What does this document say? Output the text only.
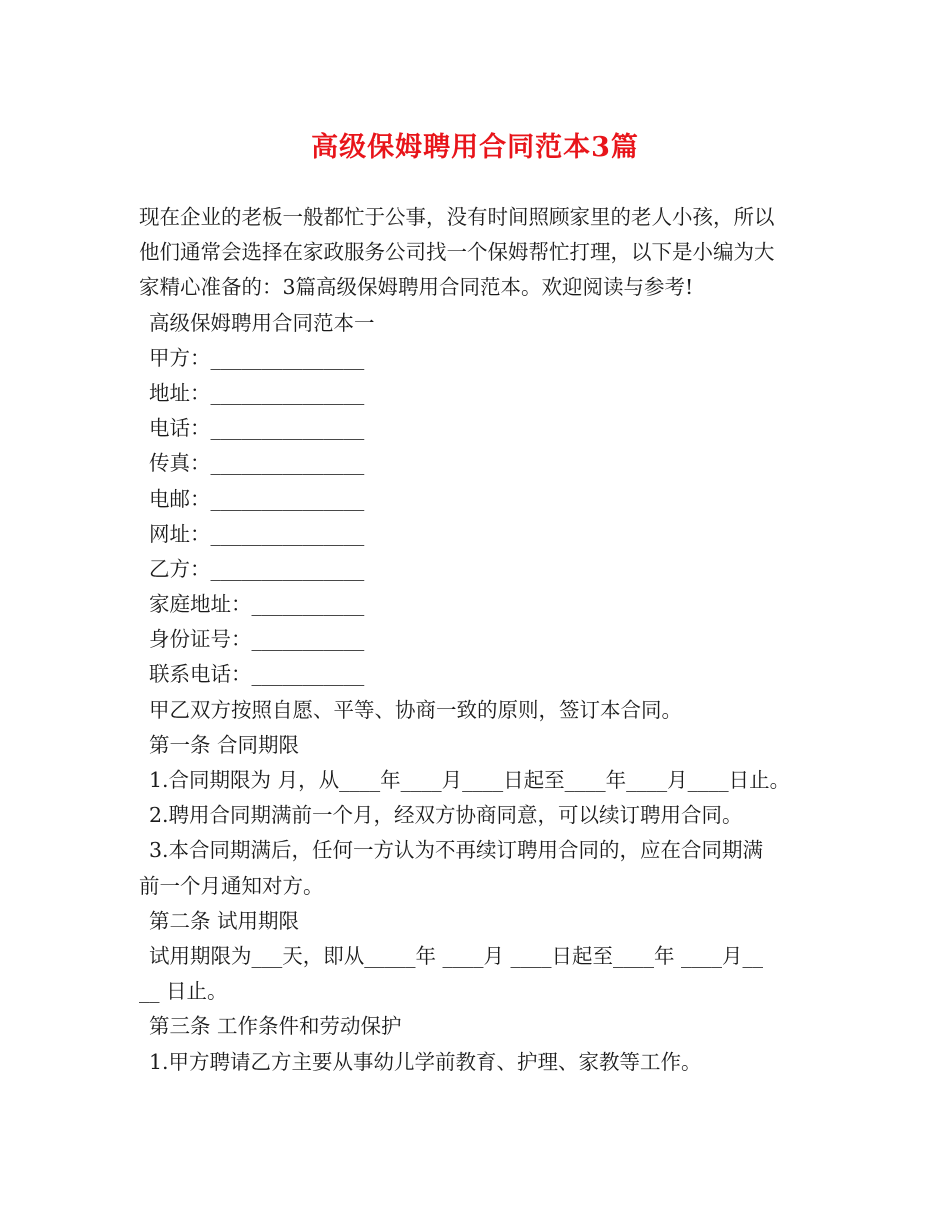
高级保姆聘用合同范本3篇
现在企业的老板一般都忙于公事，没有时间照顾家里的老人小孩，所以
他们通常会选择在家政服务公司找一个保姆帮忙打理，以下是小编为大
家精心准备的：3篇高级保姆聘用合同范本。欢迎阅读与参考!
高级保姆聘用合同范本一
甲方：_______________
地址：_______________
电话：_______________
传真：_______________
电邮：_______________
网址：_______________
乙方：_______________
家庭地址：___________
身份证号：___________
联系电话：___________
甲乙双方按照自愿、平等、协商一致的原则，签订本合同。
第一条 合同期限
1.合同期限为 月，从____年____月____日起至____年____月____日止。
2.聘用合同期满前一个月，经双方协商同意，可以续订聘用合同。
3.本合同期满后，任何一方认为不再续订聘用合同的，应在合同期满
前一个月通知对方。
第二条 试用期限
试用期限为___天，即从_____年 ____月 ____日起至____年 ____月__
__ 日止。
第三条 工作条件和劳动保护
1.甲方聘请乙方主要从事幼儿学前教育、护理、家教等工作。
